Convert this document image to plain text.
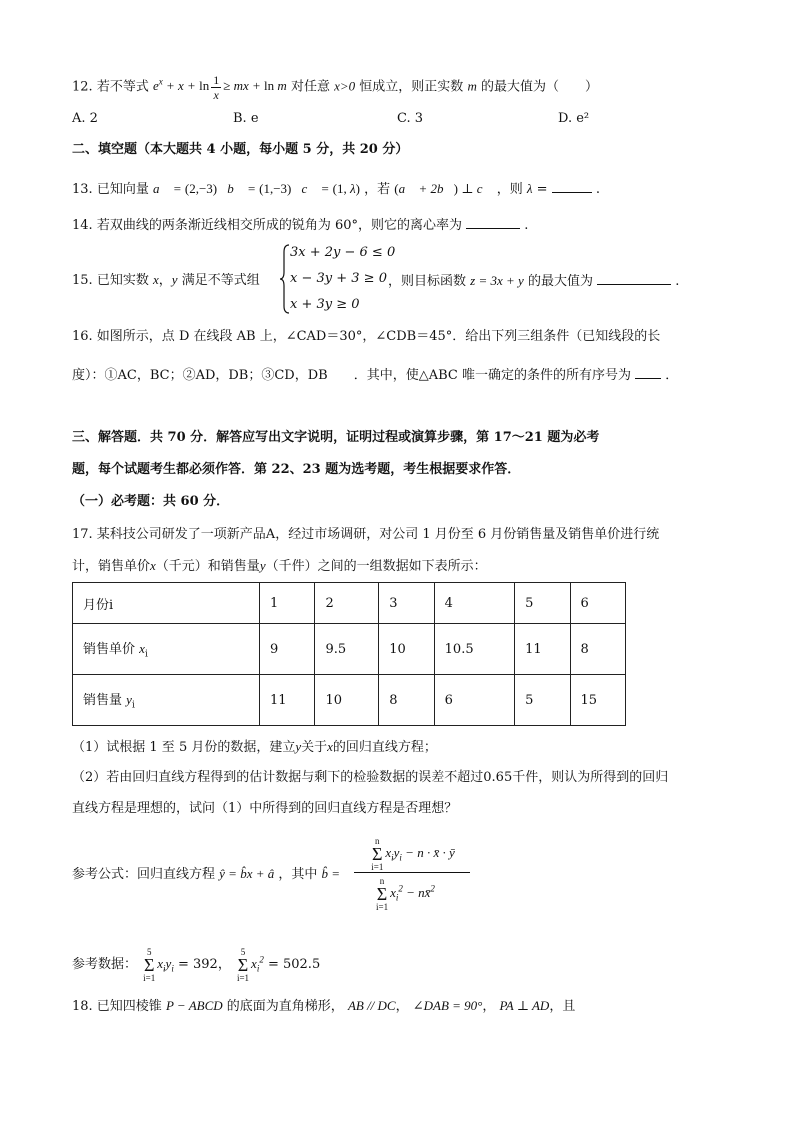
12. 若不等式 $e^x + x + \ln \frac{1}{x}$ ≥ mx + ln m 对任意 x>0 恒成立，则正实数 m 的最大值为（　　）
A. 2	B. e	C. 3	D. e²
二、填空题（本大题共 4 小题，每小题 5 分，共 20 分）
13. 已知向量 a⃗ = (2,−3)，b⃗ = (1,−3)，c⃗ = (1, λ) ，若 (a⃗ + 2b⃗) ⊥ c⃗ ，则 λ =	.
14. 若双曲线的两条渐近线相交所成的锐角为 60°，则它的离心率为	.
15. 已知实数 x，y 满足不等式组
3x + 2y − 6 ≤ 0
x − 3y + 3 ≥ 0
x + 3y ≥ 0
，则目标函数 z = 3x + y 的最大值为	.
16. 如图所示，点 D 在线段 AB 上，∠CAD＝30°，∠CDB＝45°．给出下列三组条件（已知线段的长
度）：①AC，BC；②AD，DB；③CD，DB　　．其中，使△ABC 唯一确定的条件的所有序号为	．
三、解答题．共 70 分．解答应写出文字说明，证明过程或演算步骤，第 17～21 题为必考
题，每个试题考生都必须作答．第 22、23 题为选考题，考生根据要求作答．
（一）必考题：共 60 分．
17. 某科技公司研发了一项新产品A，经过市场调研，对公司 1 月份至 6 月份销售量及销售单价进行统
计，销售单价x（千元）和销售量y（千件）之间的一组数据如下表所示：
月份i	1	2	3	4	5	6
销售单价 $x_i$	9	9.5	10	10.5	11	8
销售量 $y_i$	11	10	8	6	5	15
（1）试根据 1 至 5 月份的数据，建立y关于x的回归直线方程；
（2）若由回归直线方程得到的估计数据与剩下的检验数据的误差不超过0.65千件，则认为所得到的回归
直线方程是理想的，试问（1）中所得到的回归直线方程是否理想？
参考公式：回归直线方程 ŷ = b̂x + â ，其中 b̂ =
n
Σ
i=1
$x_iy_i - n$ · x̄ · ȳ
n
Σ
i=1
$x_i^2$ − nx̄$^2$
参考数据：
5
Σ
i=1
$x_iy_i = 392$，
5
Σ
i=1
$x_i^2 = 502.5$
18. 已知四棱锥 P − ABCD 的底面为直角梯形， AB // DC， ∠DAB = 90°， PA ⊥ AD，且
